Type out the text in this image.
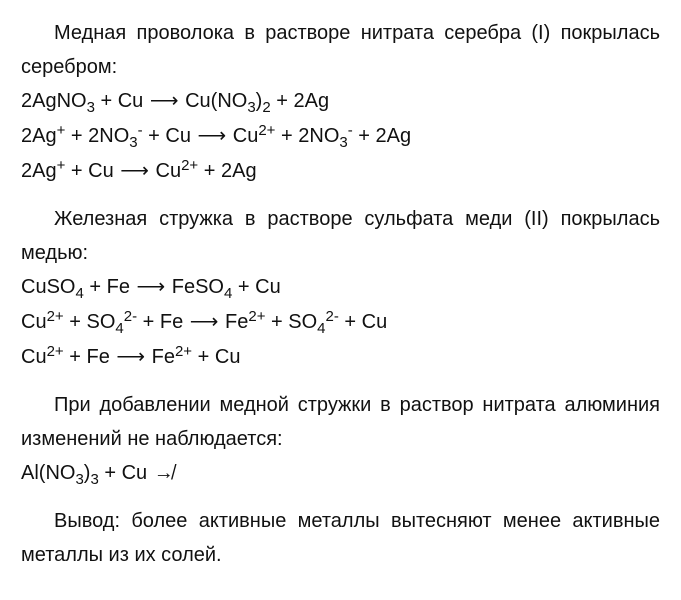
Медная проволока в растворе нитрата серебра (I) покрылась серебром:

2AgNO$_3$ + Cu ⟶ $Cu(NO_3)_2 + 2Ag$
$2Ag^+ + 2NO_3^- + Cu$ ⟶ $Cu^{2+} + 2NO_3^- + 2Ag$
2Ag+ + Cu ⟶ $Cu^{2+} + 2Ag$

Железная стружка в растворе сульфата меди (II) покрылась медью:

CuSO$_4$ + Fe ⟶ FeSO$_4$ + Cu
$Cu^{2+} + SO_4^{2-} + Fe$ ⟶ $Fe^{2+} + SO_4^{2-} + Cu$
$Cu^{2+} + Fe$ ⟶ $Fe^{2+} + Cu$

При добавлении медной стружки в раствор нитрата алюминия изменений не наблюдается:

$Al(NO_3)_3 + Cu$ ↛

Вывод: более активные металлы вытесняют менее активные металлы из их солей.
